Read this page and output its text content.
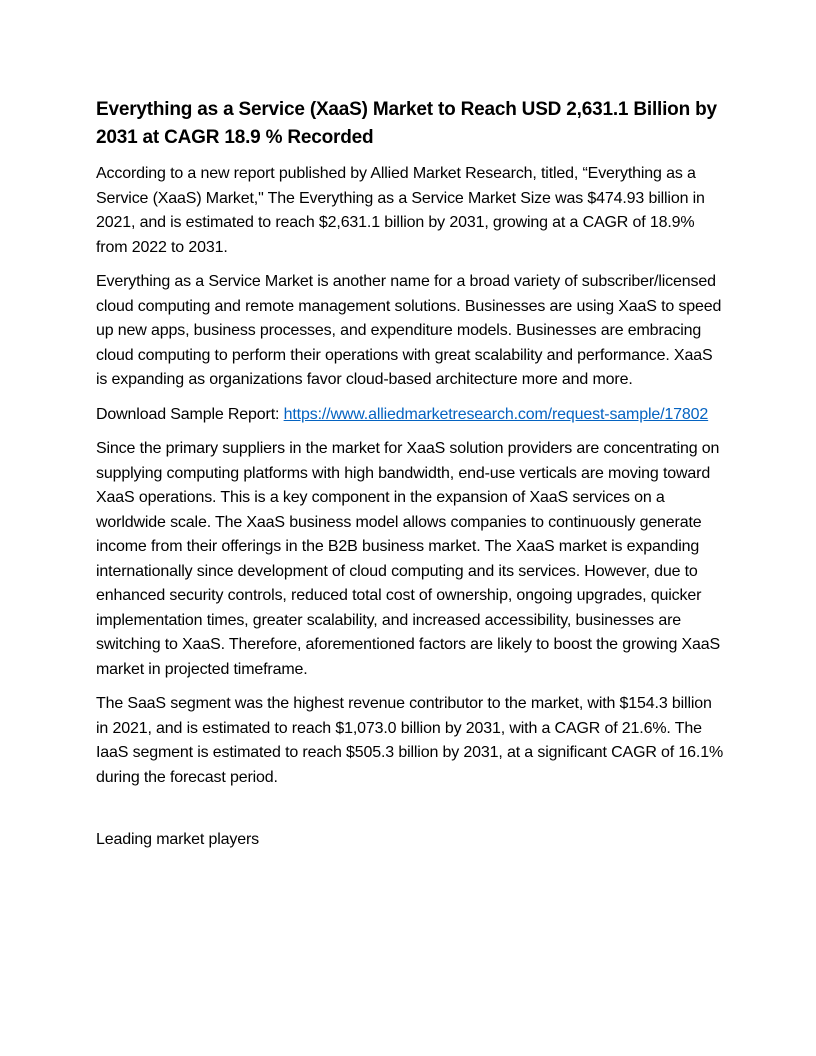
Everything as a Service (XaaS) Market to Reach USD 2,631.1 Billion by 2031 at CAGR 18.9 % Recorded

According to a new report published by Allied Market Research, titled, “Everything as a Service (XaaS) Market," The Everything as a Service Market Size was $474.93 billion in 2021, and is estimated to reach $2,631.1 billion by 2031, growing at a CAGR of 18.9% from 2022 to 2031.

Everything as a Service Market is another name for a broad variety of subscriber/licensed cloud computing and remote management solutions. Businesses are using XaaS to speed up new apps, business processes, and expenditure models. Businesses are embracing cloud computing to perform their operations with great scalability and performance. XaaS is expanding as organizations favor cloud-based architecture more and more.

Download Sample Report: https://www.alliedmarketresearch.com/request-sample/17802

Since the primary suppliers in the market for XaaS solution providers are concentrating on supplying computing platforms with high bandwidth, end-use verticals are moving toward XaaS operations. This is a key component in the expansion of XaaS services on a worldwide scale. The XaaS business model allows companies to continuously generate income from their offerings in the B2B business market. The XaaS market is expanding internationally since development of cloud computing and its services. However, due to enhanced security controls, reduced total cost of ownership, ongoing upgrades, quicker implementation times, greater scalability, and increased accessibility, businesses are switching to XaaS. Therefore, aforementioned factors are likely to boost the growing XaaS market in projected timeframe.

The SaaS segment was the highest revenue contributor to the market, with $154.3 billion in 2021, and is estimated to reach $1,073.0 billion by 2031, with a CAGR of 21.6%. The IaaS segment is estimated to reach $505.3 billion by 2031, at a significant CAGR of 16.1% during the forecast period.

Leading market players
